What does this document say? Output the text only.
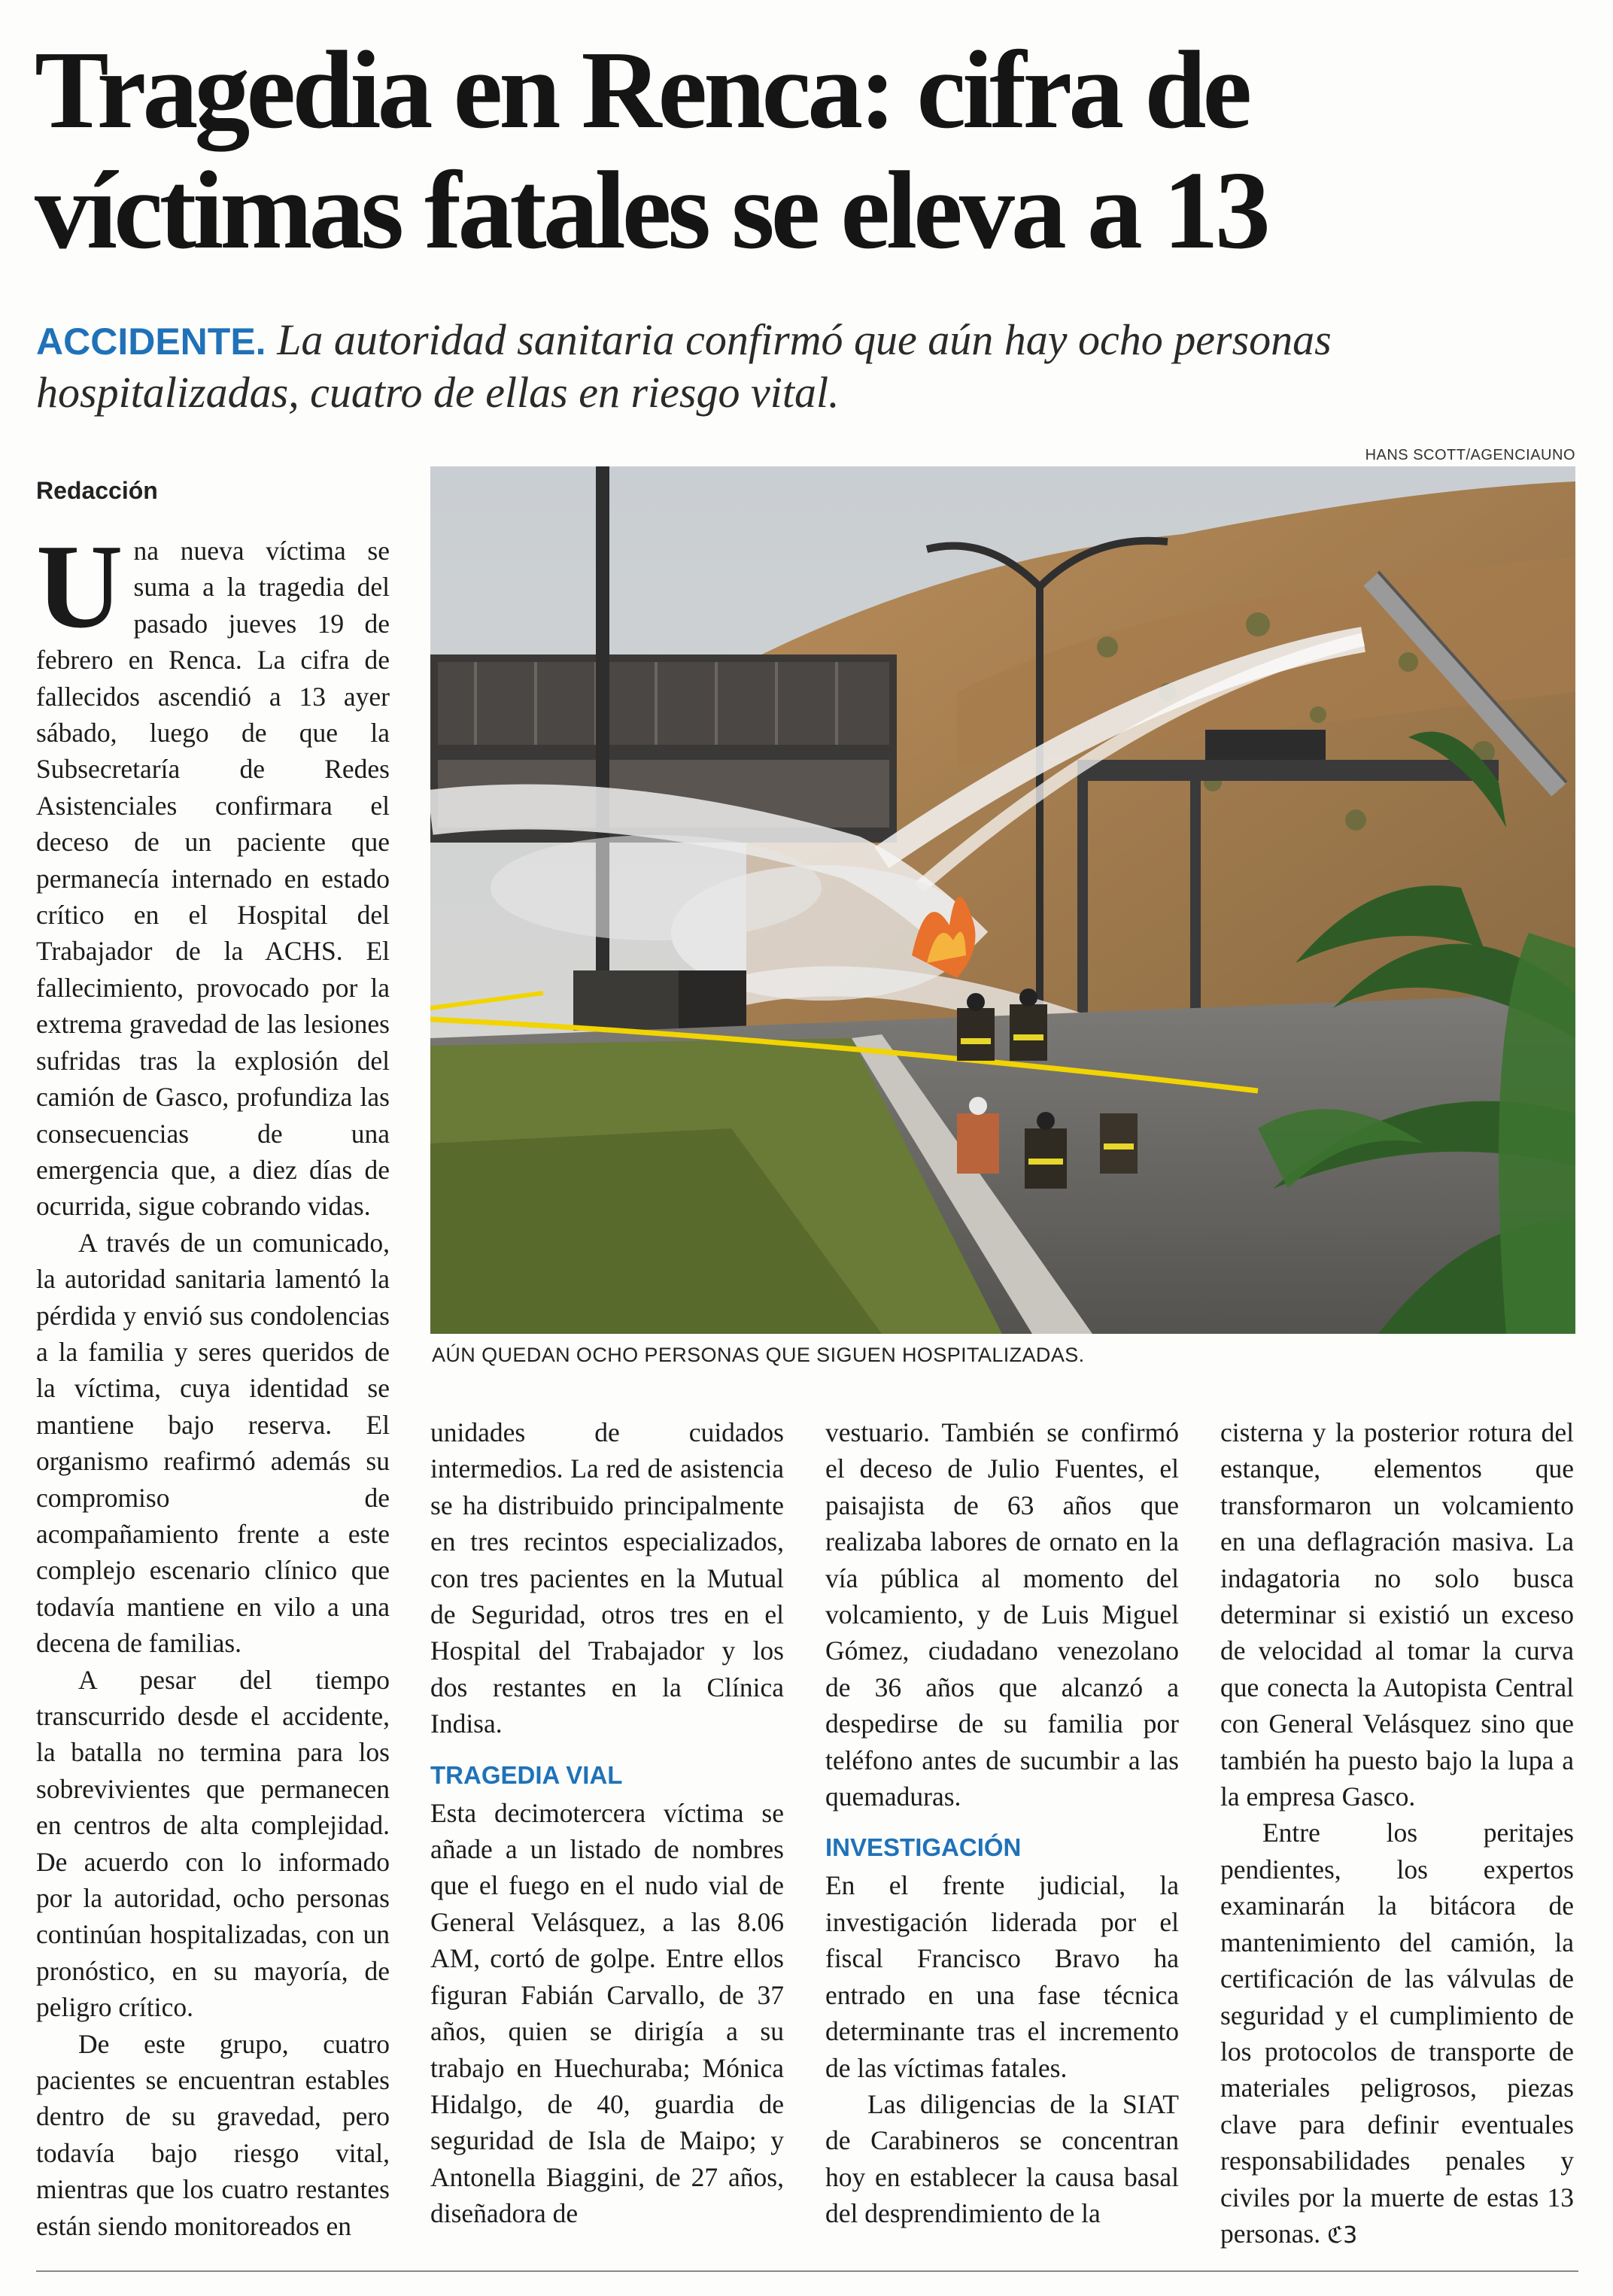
Tragedia en Renca: cifra de víctimas fatales se eleva a 13
ACCIDENTE. La autoridad sanitaria confirmó que aún hay ocho personas hospitalizadas, cuatro de ellas en riesgo vital.
HANS SCOTT/AGENCIAUNO
Redacción
AÚN QUEDAN OCHO PERSONAS QUE SIGUEN HOSPITALIZADAS.
U na nueva víctima se suma a la tragedia del pasado jueves 19 de febrero en Renca. La cifra de fallecidos ascendió a 13 ayer sábado, luego de que la Subsecretaría de Redes Asistenciales confirmara el deceso de un paciente que permanecía internado en estado crítico en el Hospital del Trabajador de la ACHS. El fallecimiento, provocado por la extrema gravedad de las lesiones sufridas tras la explosión del camión de Gasco, profundiza las consecuencias de una emergencia que, a diez días de ocurrida, sigue cobrando vidas.

A través de un comunicado, la autoridad sanitaria lamentó la pérdida y envió sus condolencias a la familia y seres queridos de la víctima, cuya identidad se mantiene bajo reserva. El organismo reafirmó además su compromiso de acompañamiento frente a este complejo escenario clínico que todavía mantiene en vilo a una decena de familias.

A pesar del tiempo transcurrido desde el accidente, la batalla no termina para los sobrevivientes que permanecen en centros de alta complejidad. De acuerdo con lo informado por la autoridad, ocho personas continúan hospitalizadas, con un pronóstico, en su mayoría, de peligro crítico.

De este grupo, cuatro pacientes se encuentran estables dentro de su gravedad, pero todavía bajo riesgo vital, mientras que los cuatro restantes están siendo monitoreados en

unidades de cuidados intermedios. La red de asistencia se ha distribuido principalmente en tres recintos especializados, con tres pacientes en la Mutual de Seguridad, otros tres en el Hospital del Trabajador y los dos restantes en la Clínica Indisa.

TRAGEDIA VIAL

Esta decimotercera víctima se añade a un listado de nombres que el fuego en el nudo vial de General Velásquez, a las 8.06 AM, cortó de golpe. Entre ellos figuran Fabián Carvallo, de 37 años, quien se dirigía a su trabajo en Huechuraba; Mónica Hidalgo, de 40, guardia de seguridad de Isla de Maipo; y Antonella Biaggini, de 27 años, diseñadora de

vestuario. También se confirmó el deceso de Julio Fuentes, el paisajista de 63 años que realizaba labores de ornato en la vía pública al momento del volcamiento, y de Luis Miguel Gómez, ciudadano venezolano de 36 años que alcanzó a despedirse de su familia por teléfono antes de sucumbir a las quemaduras.

INVESTIGACIÓN

En el frente judicial, la investigación liderada por el fiscal Francisco Bravo ha entrado en una fase técnica determinante tras el incremento de las víctimas fatales.

Las diligencias de la SIAT de Carabineros se concentran hoy en establecer la causa basal del desprendimiento de la

cisterna y la posterior rotura del estanque, elementos que transformaron un volcamiento en una deflagración masiva. La indagatoria no solo busca determinar si existió un exceso de velocidad al tomar la curva que conecta la Autopista Central con General Velásquez sino que también ha puesto bajo la lupa a la empresa Gasco.

Entre los peritajes pendientes, los expertos examinarán la bitácora de mantenimiento del camión, la certificación de las válvulas de seguridad y el cumplimiento de los protocolos de transporte de materiales peligrosos, piezas clave para definir eventuales responsabilidades penales y civiles por la muerte de estas 13 personas. ℭ3
